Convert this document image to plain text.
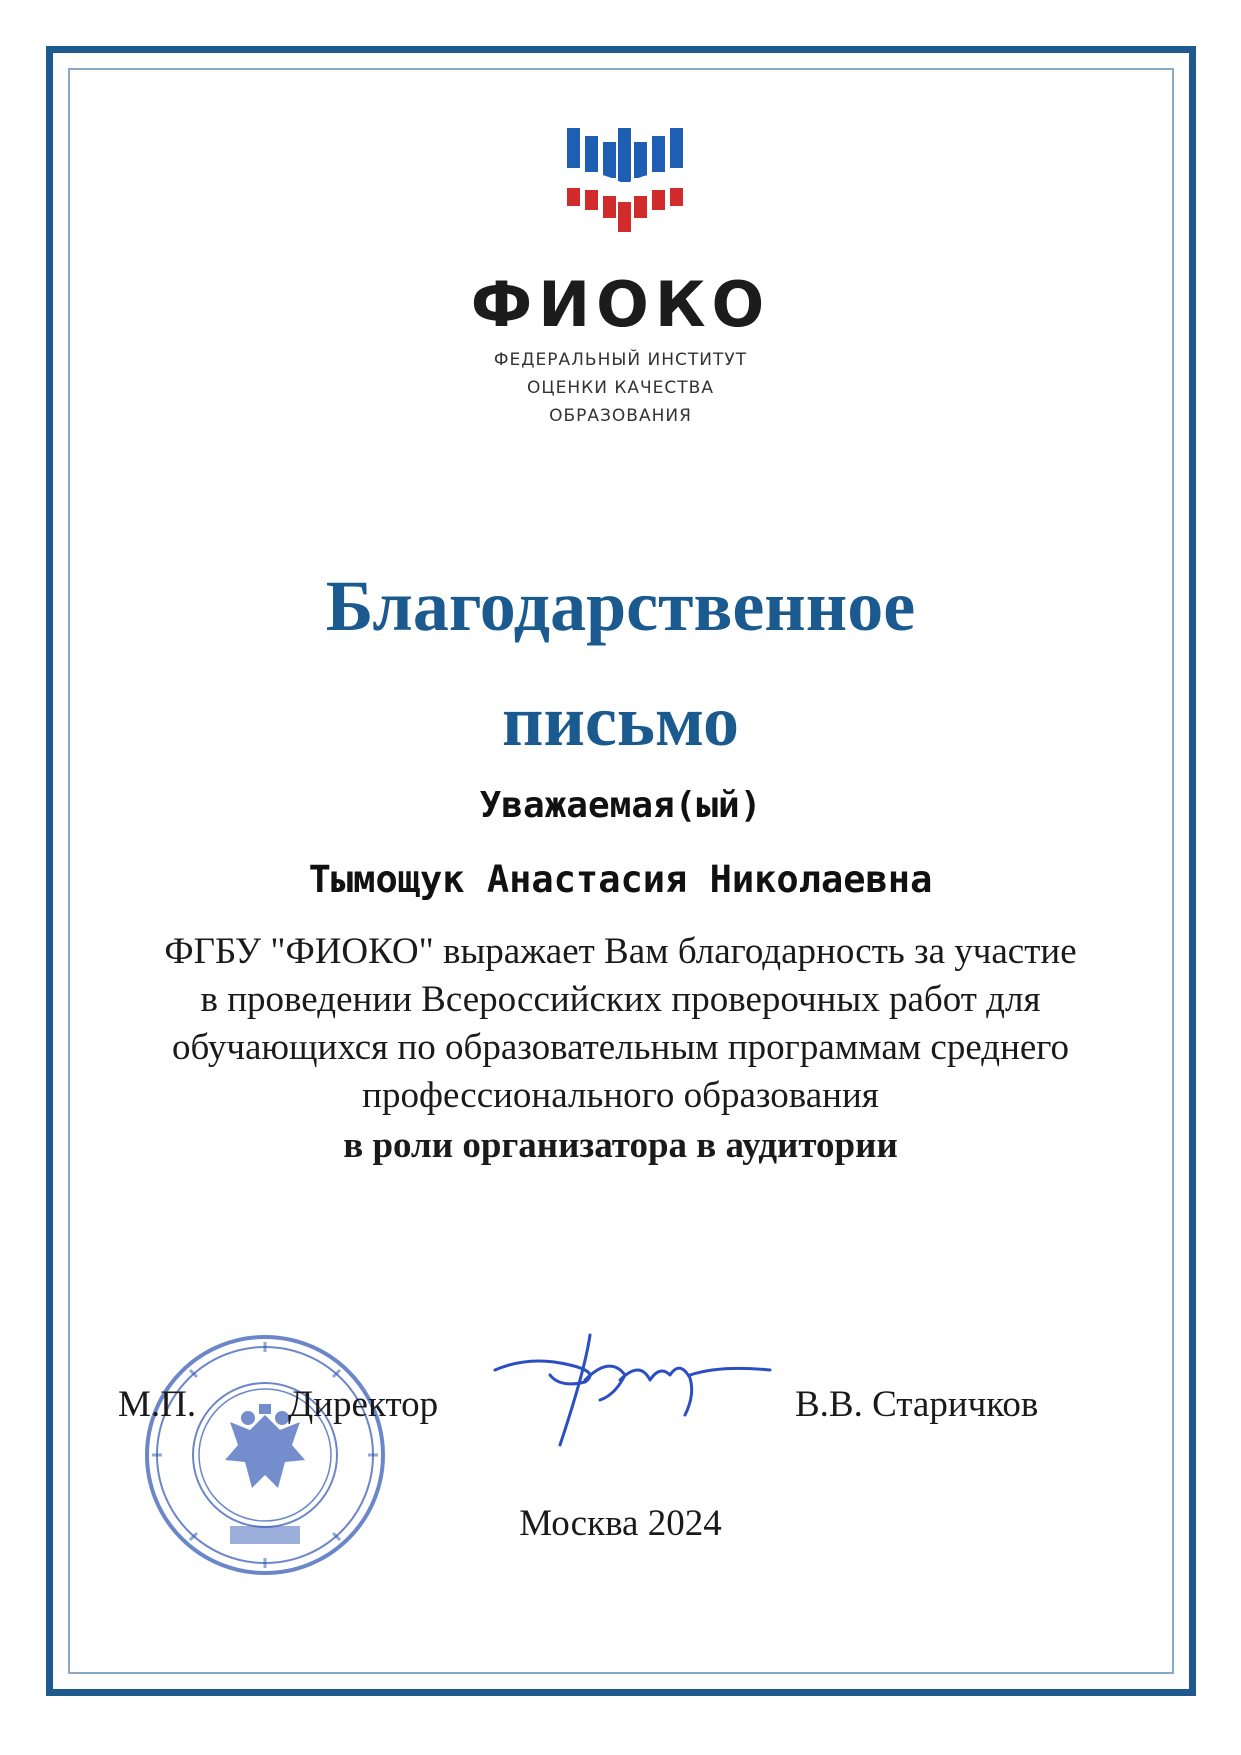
ФИОКО
ФЕДЕРАЛЬНЫЙ ИНСТИТУТ
ОЦЕНКИ КАЧЕСТВА
ОБРАЗОВАНИЯ
Благодарственное
письмо
Уважаемая(ый)
Тымощук Анастасия Николаевна
ФГБУ "ФИОКО" выражает Вам благодарность за участие
в проведении Всероссийских проверочных работ для
обучающихся по образовательным программам среднего
профессионального образования
в роли организатора в аудитории
М.П. Директор	В.В. Старичков
Москва 2024
